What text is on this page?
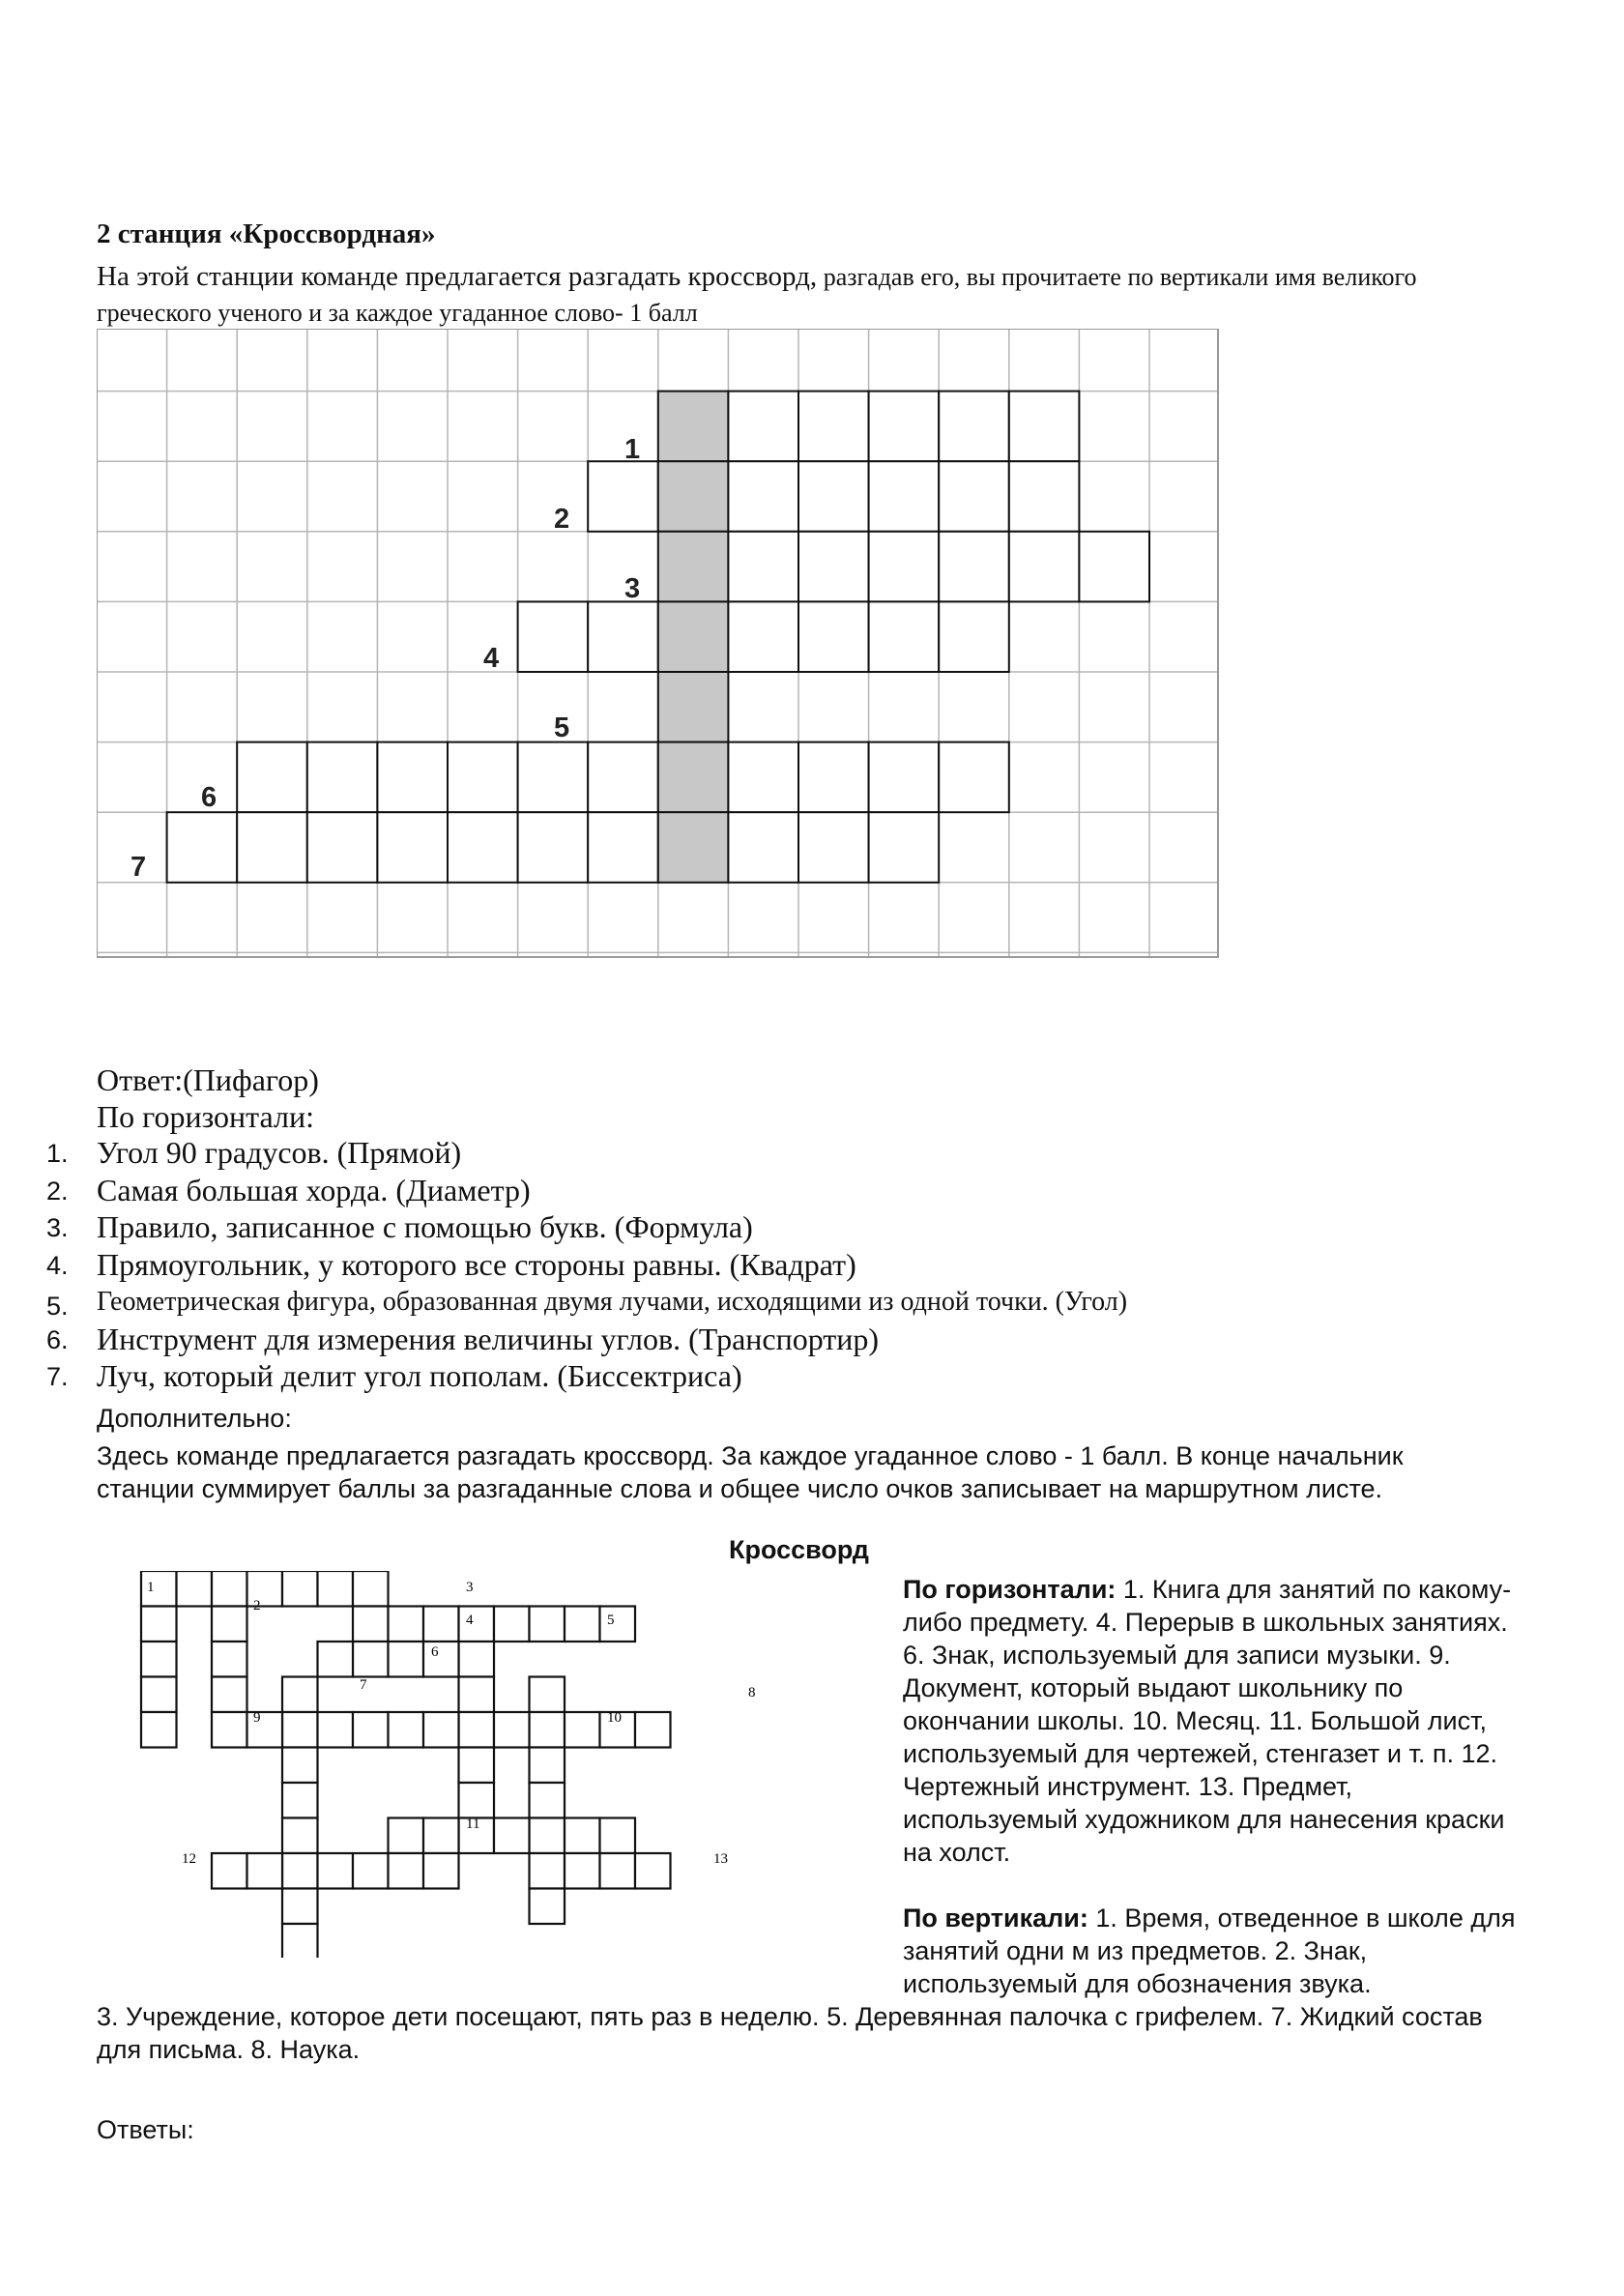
2 станция «Кроссвордная»
На этой станции команде предлагается разгадать кроссворд, разгадав его, вы прочитаете по вертикали имя великого греческого ученого и за каждое угаданное слово- 1 балл
1
2
3
4
5
6
7
Ответ:(Пифагор)
По горизонтали:
1. Угол 90 градусов. (Прямой)
2. Самая большая хорда. (Диаметр)
3. Правило, записанное с помощью букв. (Формула)
4. Прямоугольник, у которого все стороны равны. (Квадрат)
5.	Геометрическая фигура, образованная двумя лучами, исходящими из одной точки. (Угол)
6. Инструмент для измерения величины углов. (Транспортир)
7. Луч, который делит угол пополам. (Биссектриса)
Дополнительно:
Здесь команде предлагается разгадать кроссворд. За каждое угаданное слово - 1 балл. В конце начальник станции суммирует баллы за разгаданные слова и общее число очков записывает на маршрутном листе.
Кроссворд
1
2
3
4	5
6
7	8
9	10
11
12	13
По горизонтали: 1. Книга для занятий по какому-либо предмету. 4. Перерыв в школьных занятиях. 6. Знак, используемый для записи музыки. 9. Документ, который выдают школьнику по окончании школы. 10. Месяц. 11. Большой лист, используемый для чертежей, стенгазет и т. п. 12. Чертежный инструмент. 13. Предмет, используемый художником для нанесения краски на холст.
По вертикали: 1. Время, отведенное в школе для занятий одни м из предметов. 2. Знак, используемый для обозначения звука.
3. Учреждение, которое дети посещают, пять раз в неделю. 5. Деревянная палочка с грифелем. 7. Жидкий состав для письма. 8. Наука.
Ответы:
